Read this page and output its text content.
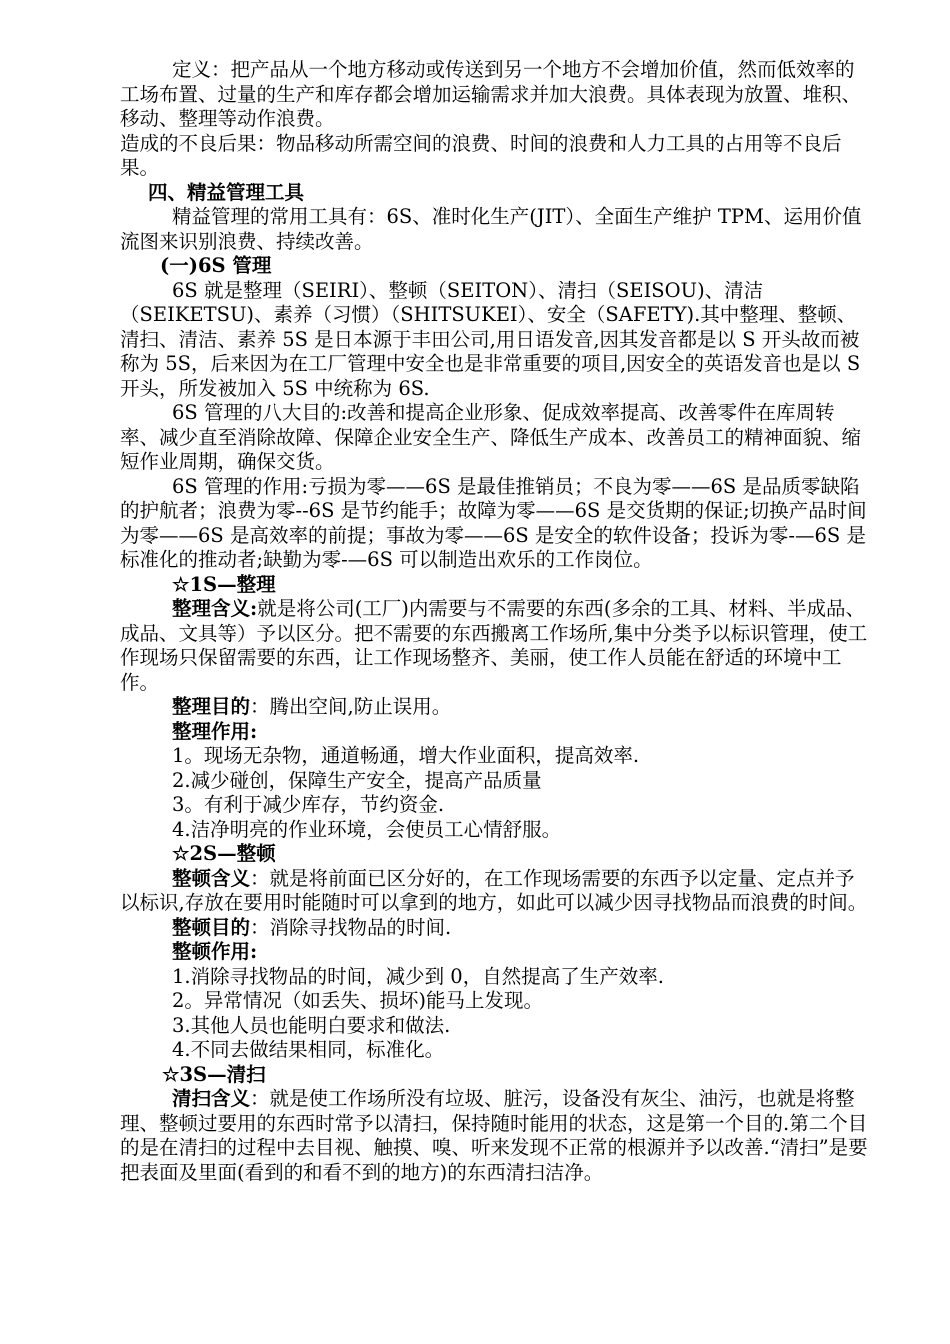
定义：把产品从一个地方移动或传送到另一个地方不会增加价值，然而低效率的工场布置、过量的生产和库存都会增加运输需求并加大浪费。具体表现为放置、堆积、移动、整理等动作浪费。

造成的不良后果：物品移动所需空间的浪费、时间的浪费和人力工具的占用等不良后果。

四、精益管理工具

精益管理的常用工具有：6S、准时化生产(JIT）、全面生产维护 TPM、运用价值流图来识别浪费、持续改善。

(一)6S 管理

6S 就是整理（SEIRI）、整顿（SEITON）、清扫（SEISOU)、清洁（SEIKETSU)、素养（习惯）（SHITSUKEI）、安全（SAFETY).其中整理、整顿、清扫、清洁、素养 5S 是日本源于丰田公司,用日语发音,因其发音都是以 S 开头故而被称为 5S，后来因为在工厂管理中安全也是非常重要的项目,因安全的英语发音也是以 S 开头，所发被加入 5S 中统称为 6S.

6S 管理的八大目的:改善和提高企业形象、促成效率提高、改善零件在库周转率、减少直至消除故障、保障企业安全生产、降低生产成本、改善员工的精神面貌、缩短作业周期，确保交货。

6S 管理的作用:亏损为零——6S 是最佳推销员；不良为零——6S 是品质零缺陷的护航者；浪费为零--6S 是节约能手；故障为零——6S 是交货期的保证;切换产品时间为零——6S 是高效率的前提；事故为零——6S 是安全的软件设备；投诉为零-—6S 是标准化的推动者;缺勤为零-—6S 可以制造出欢乐的工作岗位。

☆1S—整理

整理含义:就是将公司(工厂)内需要与不需要的东西(多余的工具、材料、半成品、成品、文具等）予以区分。把不需要的东西搬离工作场所,集中分类予以标识管理，使工作现场只保留需要的东西，让工作现场整齐、美丽，使工作人员能在舒适的环境中工作。

整理目的：腾出空间,防止误用。

整理作用:

1。现场无杂物，通道畅通，增大作业面积，提高效率.

2.减少碰创，保障生产安全，提高产品质量

3。有利于减少库存，节约资金.

4.洁净明亮的作业环境，会使员工心情舒服。

☆2S—整顿

整顿含义：就是将前面已区分好的，在工作现场需要的东西予以定量、定点并予以标识,存放在要用时能随时可以拿到的地方，如此可以减少因寻找物品而浪费的时间。

整顿目的：消除寻找物品的时间.

整顿作用:

1.消除寻找物品的时间，减少到 0，自然提高了生产效率.

2。异常情况（如丢失、损坏)能马上发现。

3.其他人员也能明白要求和做法.

4.不同去做结果相同，标准化。

☆3S—清扫

清扫含义：就是使工作场所没有垃圾、脏污，设备没有灰尘、油污，也就是将整理、整顿过要用的东西时常予以清扫，保持随时能用的状态，这是第一个目的.第二个目的是在清扫的过程中去目视、触摸、嗅、听来发现不正常的根源并予以改善.“清扫”是要把表面及里面(看到的和看不到的地方)的东西清扫洁净。
